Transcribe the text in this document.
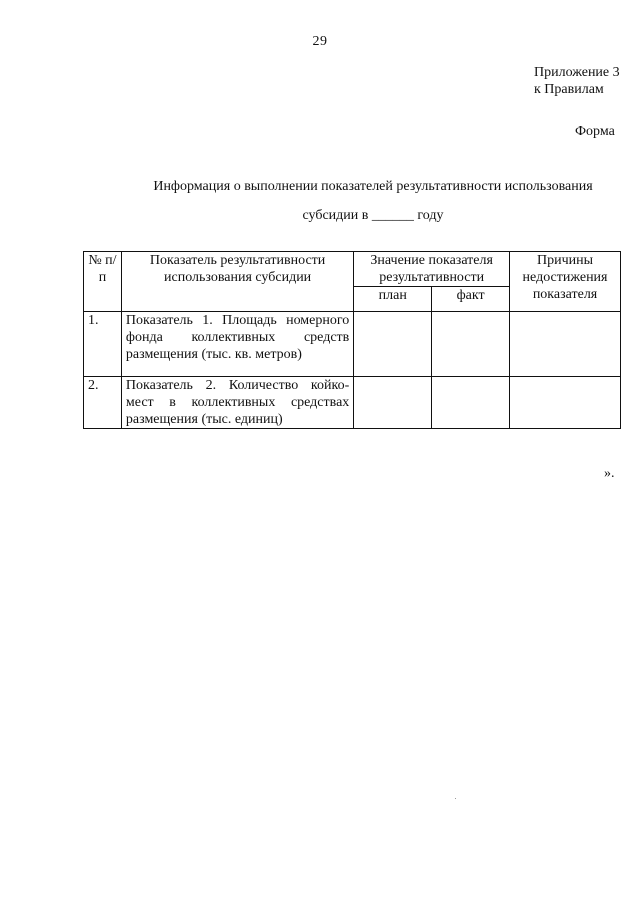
29
Приложение 3
к Правилам
Форма
Информация о выполнении показателей результативности использования
субсидии в ______ году
№ п/п	Показатель результативности использования субсидии	Значение показателя результативности		Причины недостижения показателя
		план	факт	
1.	Показатель 1. Площадь номерного фонда коллективных средств размещения (тыс. кв. метров)			
2.	Показатель 2. Количество койко-мест в коллективных средствах размещения (тыс. единиц)			
».
